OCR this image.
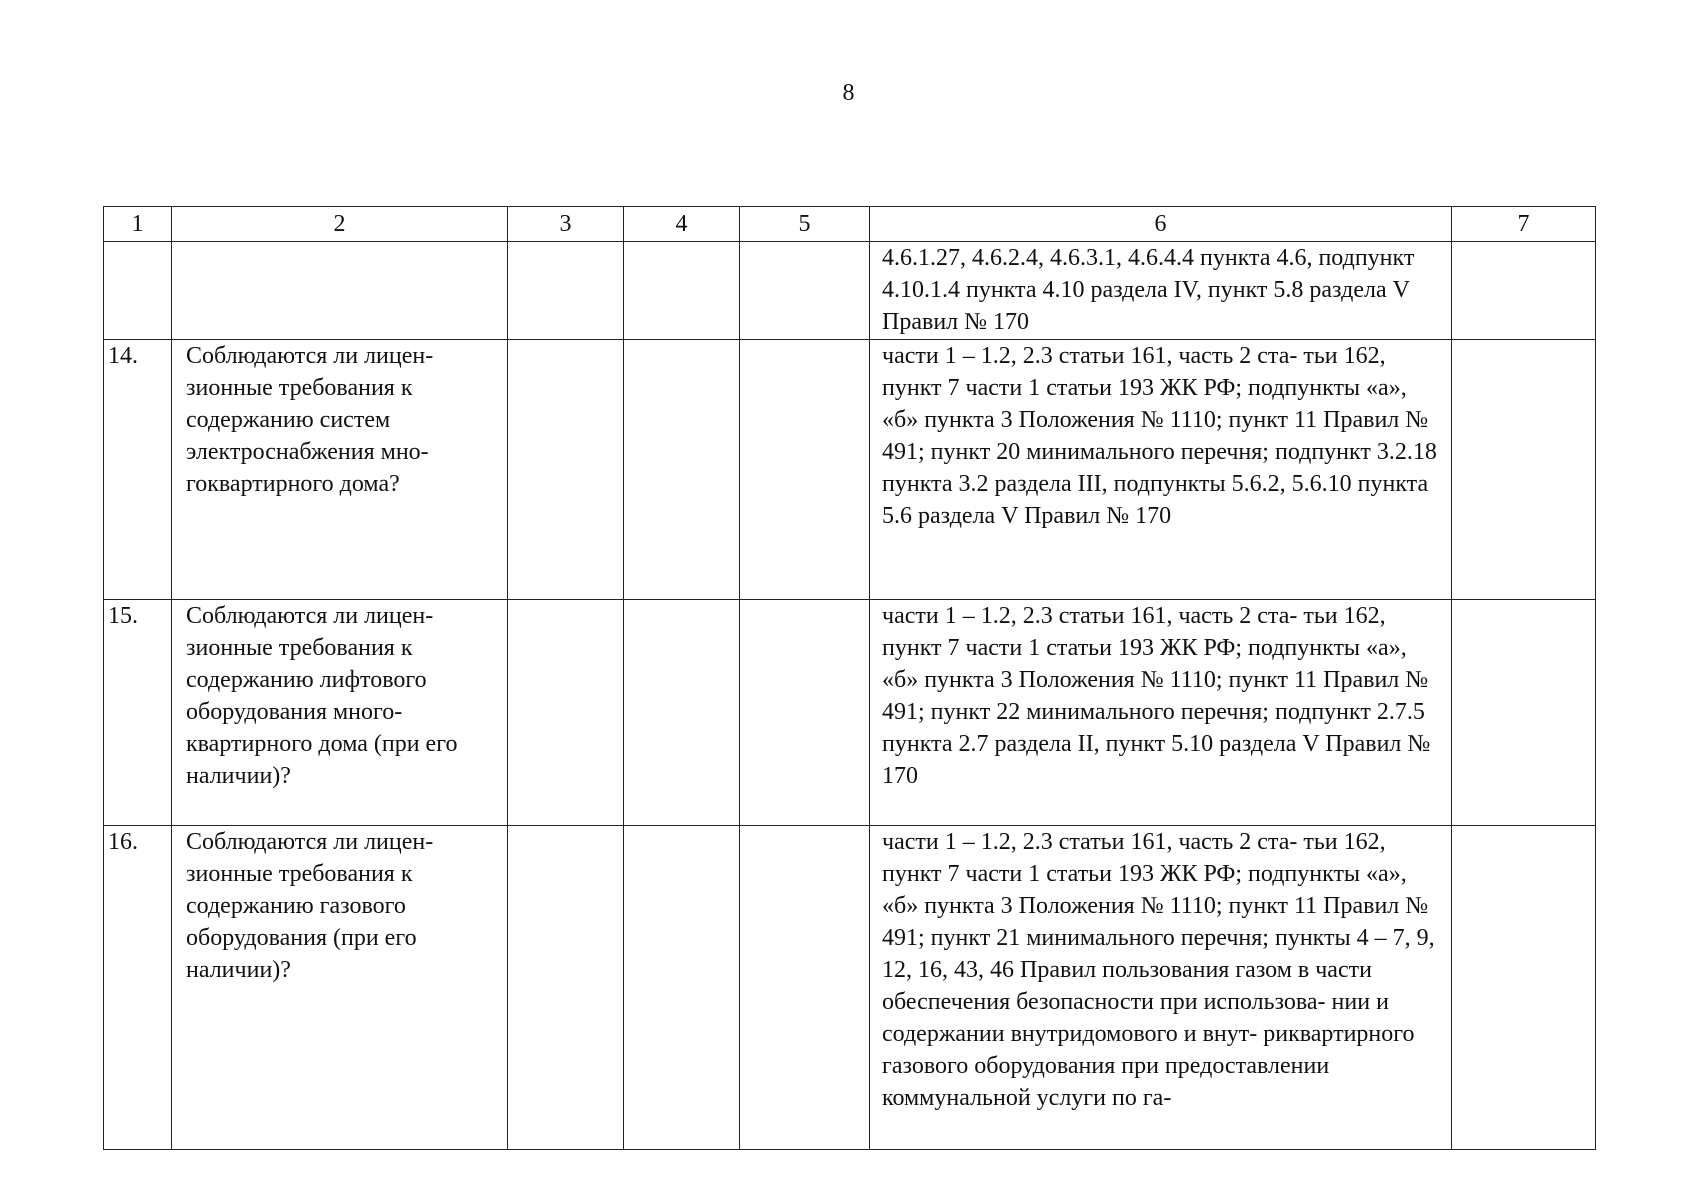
8
1	2	3	4	5	6	7
					4.6.1.27, 4.6.2.4, 4.6.3.1, 4.6.4.4 пункта 4.6, подпункт 4.10.1.4 пункта 4.10 раздела IV, пункт 5.8 раздела V Правил № 170	
14.	Соблюдаются ли лицен- зионные требования к содержанию систем электроснабжения мно- гоквартирного дома?				части 1 – 1.2, 2.3 статьи 161, часть 2 ста- тьи 162, пункт 7 части 1 статьи 193 ЖК РФ; подпункты «а», «б» пункта 3 Положения № 1110; пункт 11 Правил № 491; пункт 20 минимального перечня; подпункт 3.2.18 пункта 3.2 раздела III, подпункты 5.6.2, 5.6.10 пункта 5.6 раздела V Правил № 170	
15.	Соблюдаются ли лицен- зионные требования к содержанию лифтового оборудования много- квартирного дома (при его наличии)?				части 1 – 1.2, 2.3 статьи 161, часть 2 ста- тьи 162, пункт 7 части 1 статьи 193 ЖК РФ; подпункты «а», «б» пункта 3 Положения № 1110; пункт 11 Правил № 491; пункт 22 минимального перечня; подпункт 2.7.5 пункта 2.7 раздела II, пункт 5.10 раздела V Правил № 170	
16.	Соблюдаются ли лицен- зионные требования к содержанию газового оборудования (при его наличии)?				части 1 – 1.2, 2.3 статьи 161, часть 2 ста- тьи 162, пункт 7 части 1 статьи 193 ЖК РФ; подпункты «а», «б» пункта 3 Положения № 1110; пункт 11 Правил № 491; пункт 21 минимального перечня; пункты 4 – 7, 9, 12, 16, 43, 46 Правил пользования газом в части обеспечения безопасности при использова- нии и содержании внутридомового и внут- риквартирного газового оборудования при предоставлении коммунальной услуги по га-	
